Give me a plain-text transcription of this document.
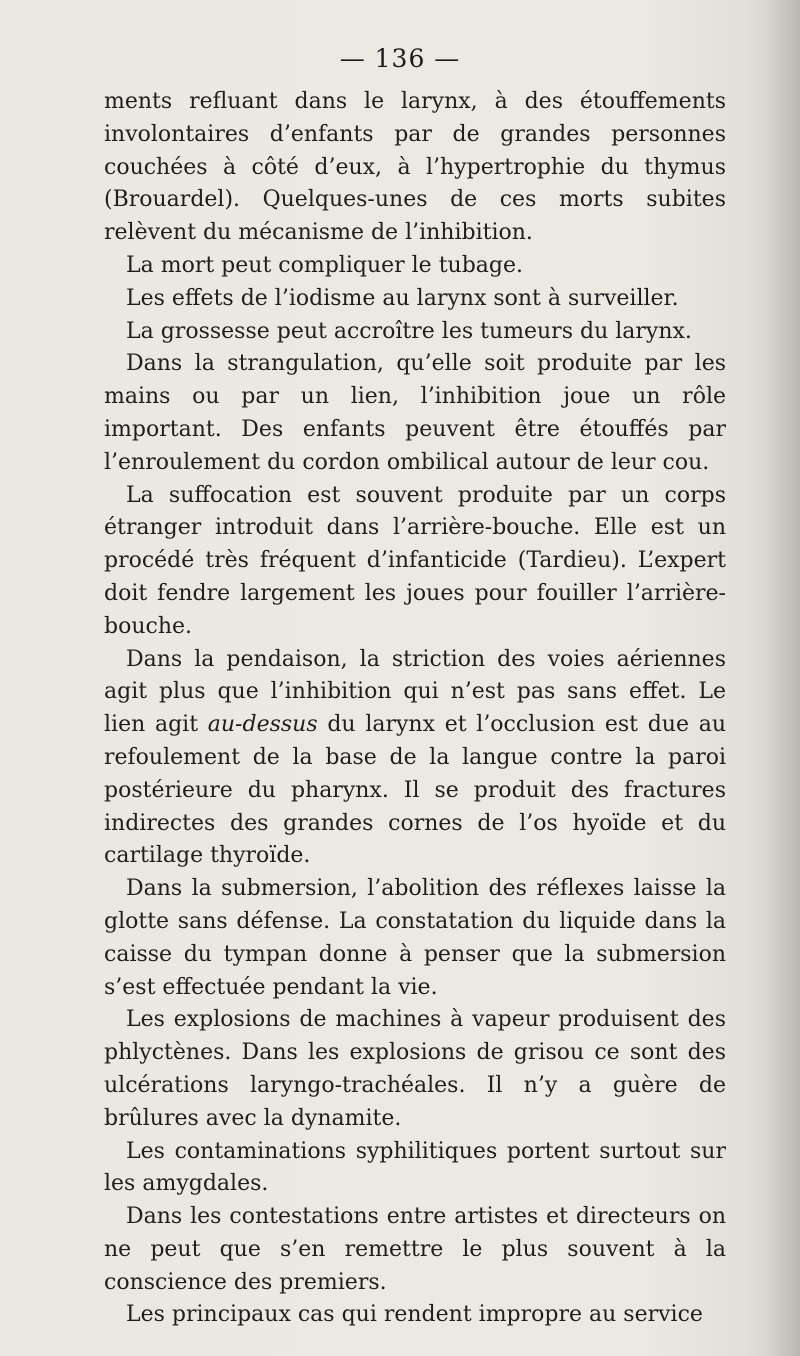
— 136 —

ments refluant dans le larynx, à des étouffements involontaires d’enfants par de grandes personnes couchées à côté d’eux, à l’hypertrophie du thymus (Brouardel). Quelques-unes de ces morts subites relèvent du mécanisme de l’inhibition.

La mort peut compliquer le tubage.

Les effets de l’iodisme au larynx sont à surveiller.

La grossesse peut accroître les tumeurs du larynx.

Dans la strangulation, qu’elle soit produite par les mains ou par un lien, l’inhibition joue un rôle important. Des enfants peuvent être étouffés par l’enroulement du cordon ombilical autour de leur cou.

La suffocation est souvent produite par un corps étranger introduit dans l’arrière-bouche. Elle est un procédé très fréquent d’infanticide (Tardieu). L’expert doit fendre largement les joues pour fouiller l’arrière-bouche.

Dans la pendaison, la striction des voies aériennes agit plus que l’inhibition qui n’est pas sans effet. Le lien agit au-dessus du larynx et l’occlusion est due au refoulement de la base de la langue contre la paroi postérieure du pharynx. Il se produit des fractures indirectes des grandes cornes de l’os hyoïde et du cartilage thyroïde.

Dans la submersion, l’abolition des réflexes laisse la glotte sans défense. La constatation du liquide dans la caisse du tympan donne à penser que la submersion s’est effectuée pendant la vie.

Les explosions de machines à vapeur produisent des phlyctènes. Dans les explosions de grisou ce sont des ulcérations laryngo-trachéales. Il n’y a guère de brûlures avec la dynamite.

Les contaminations syphilitiques portent surtout sur les amygdales.

Dans les contestations entre artistes et directeurs on ne peut que s’en remettre le plus souvent à la conscience des premiers.

Les principaux cas qui rendent impropre au service
